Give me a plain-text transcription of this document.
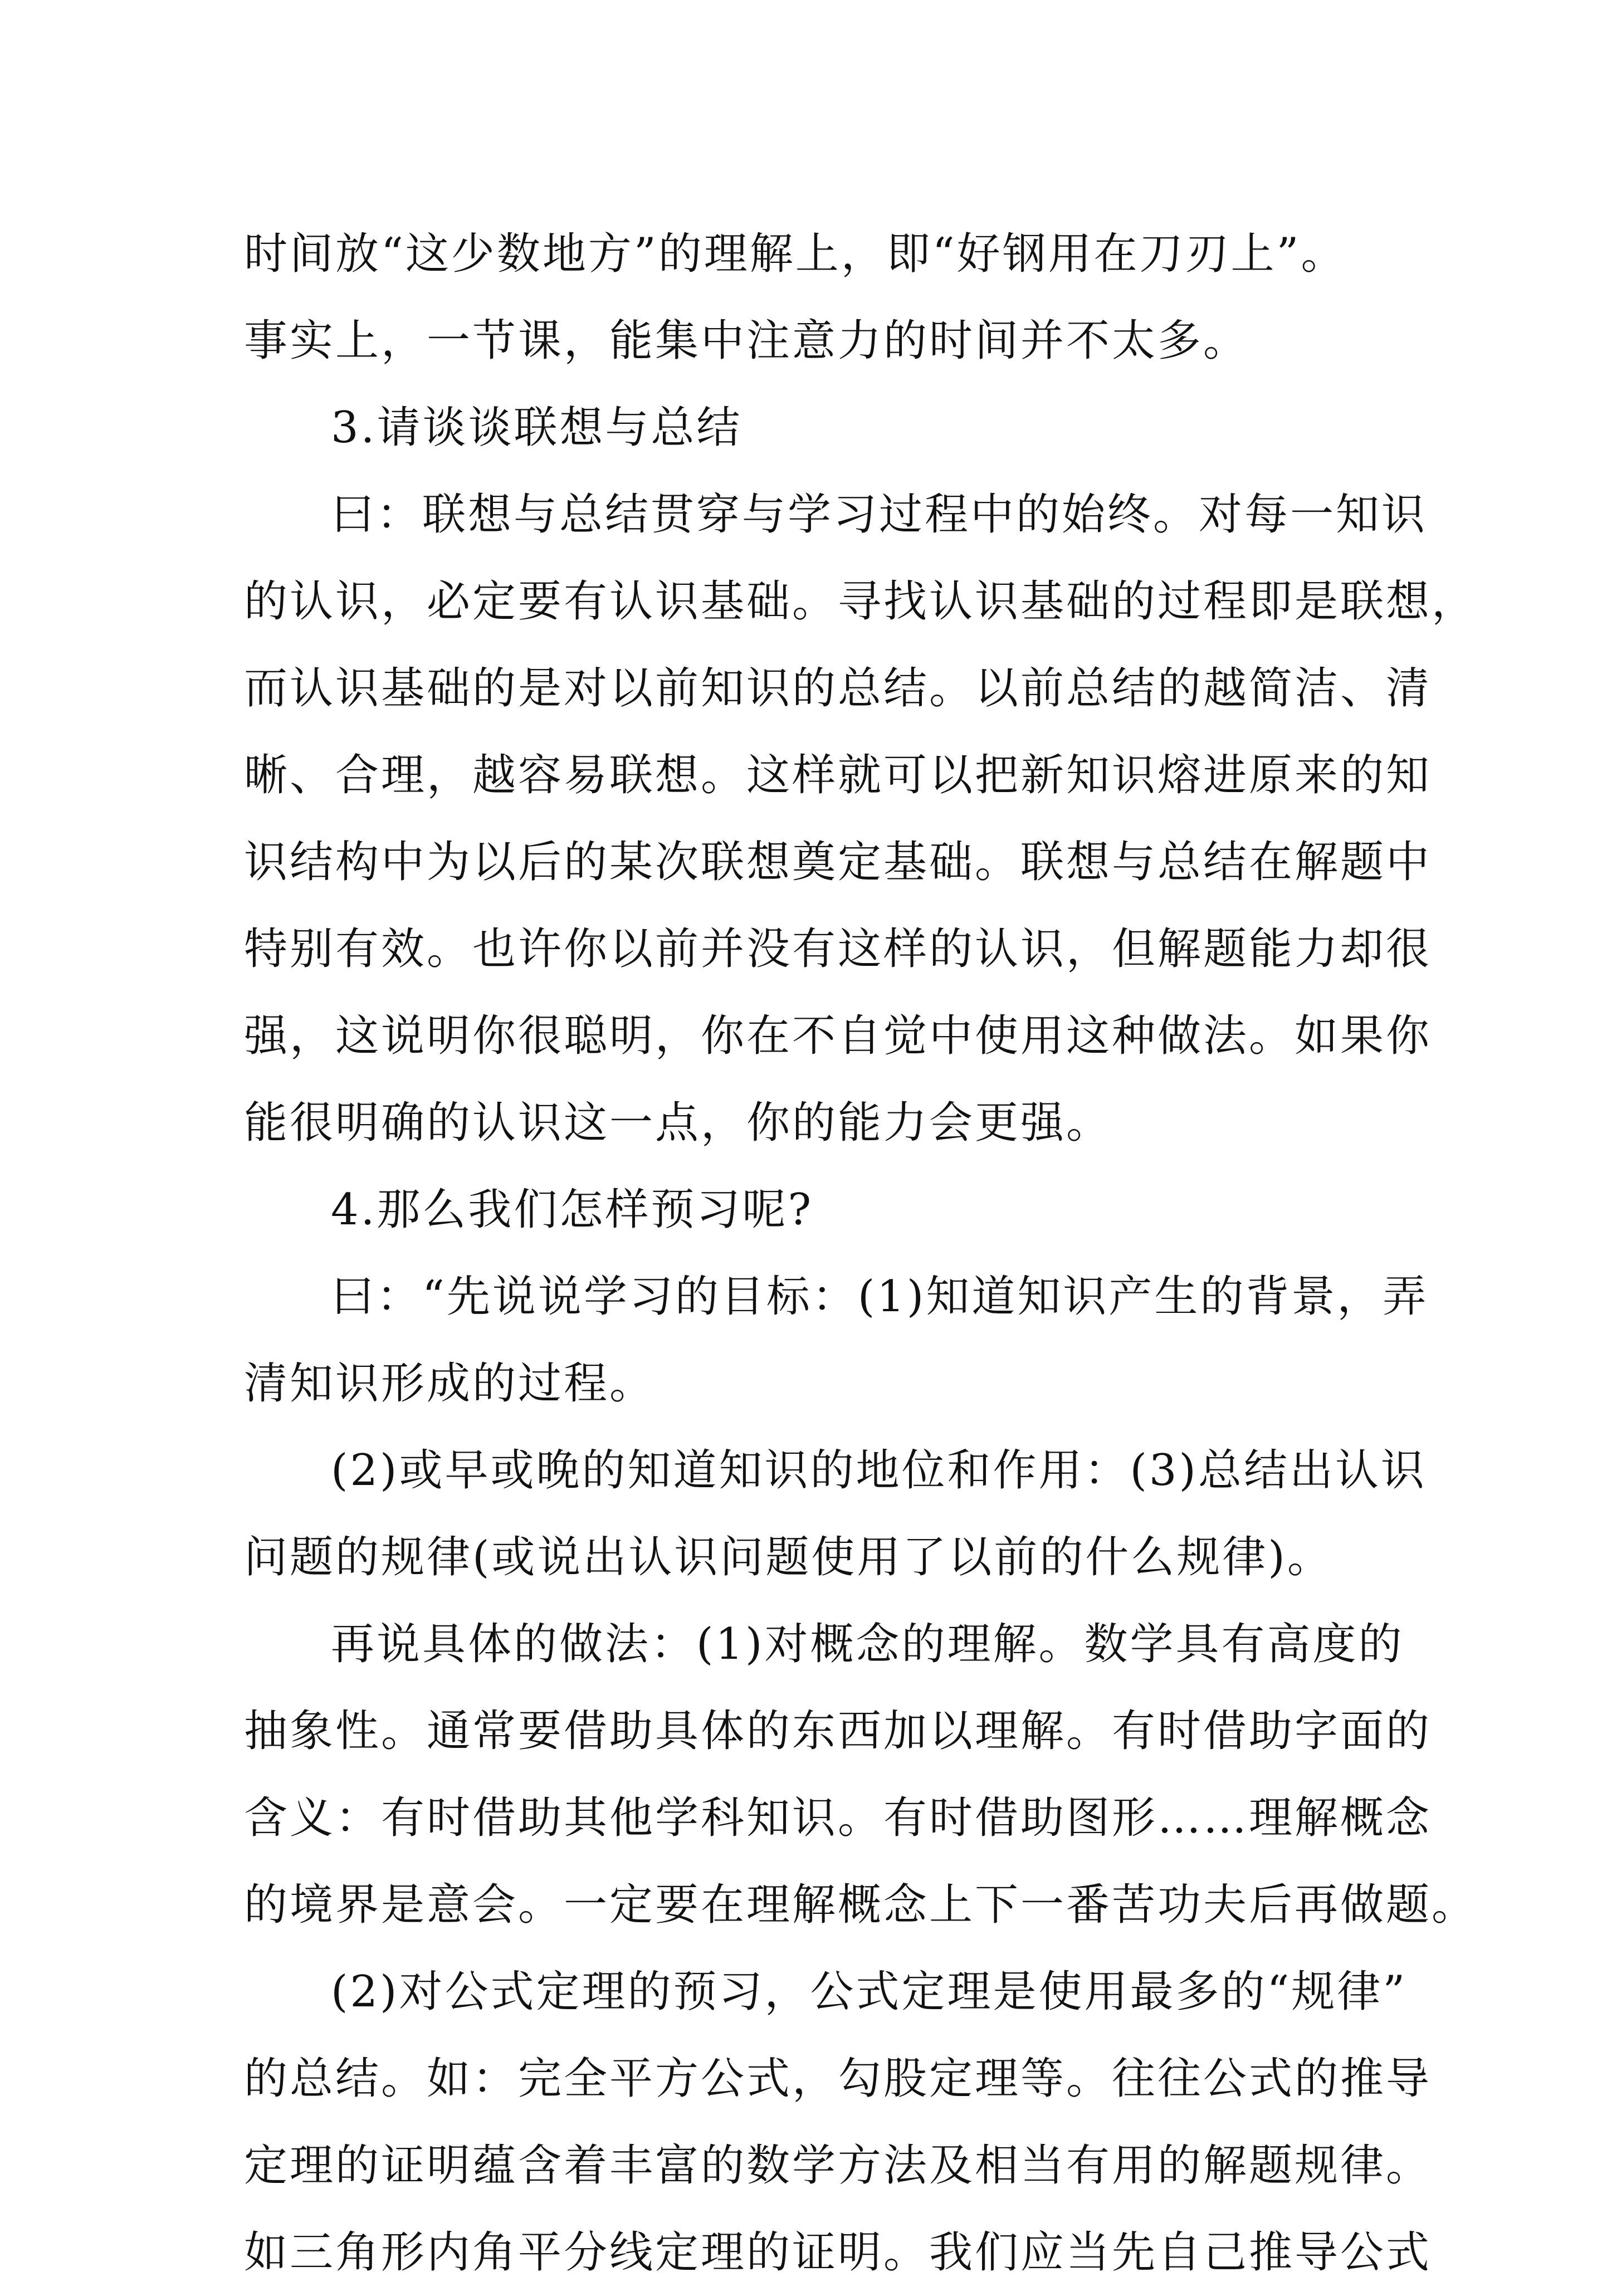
时间放“这少数地方”的理解上，即“好钢用在刀刃上”。
事实上，一节课，能集中注意力的时间并不太多。
3.请谈谈联想与总结
曰：联想与总结贯穿与学习过程中的始终。对每一知识
的认识，必定要有认识基础。寻找认识基础的过程即是联想，
而认识基础的是对以前知识的总结。以前总结的越简洁、清
晰、合理，越容易联想。这样就可以把新知识熔进原来的知
识结构中为以后的某次联想奠定基础。联想与总结在解题中
特别有效。也许你以前并没有这样的认识，但解题能力却很
强，这说明你很聪明，你在不自觉中使用这种做法。如果你
能很明确的认识这一点，你的能力会更强。
4.那么我们怎样预习呢?
曰：“先说说学习的目标：(1)知道知识产生的背景，弄
清知识形成的过程。
(2)或早或晚的知道知识的地位和作用：(3)总结出认识
问题的规律(或说出认识问题使用了以前的什么规律)。
再说具体的做法：(1)对概念的理解。数学具有高度的
抽象性。通常要借助具体的东西加以理解。有时借助字面的
含义：有时借助其他学科知识。有时借助图形……理解概念
的境界是意会。一定要在理解概念上下一番苦功夫后再做题。
(2)对公式定理的预习，公式定理是使用最多的“规律”
的总结。如：完全平方公式，勾股定理等。往往公式的推导
定理的证明蕴含着丰富的数学方法及相当有用的解题规律。
如三角形内角平分线定理的证明。我们应当先自己推导公式
